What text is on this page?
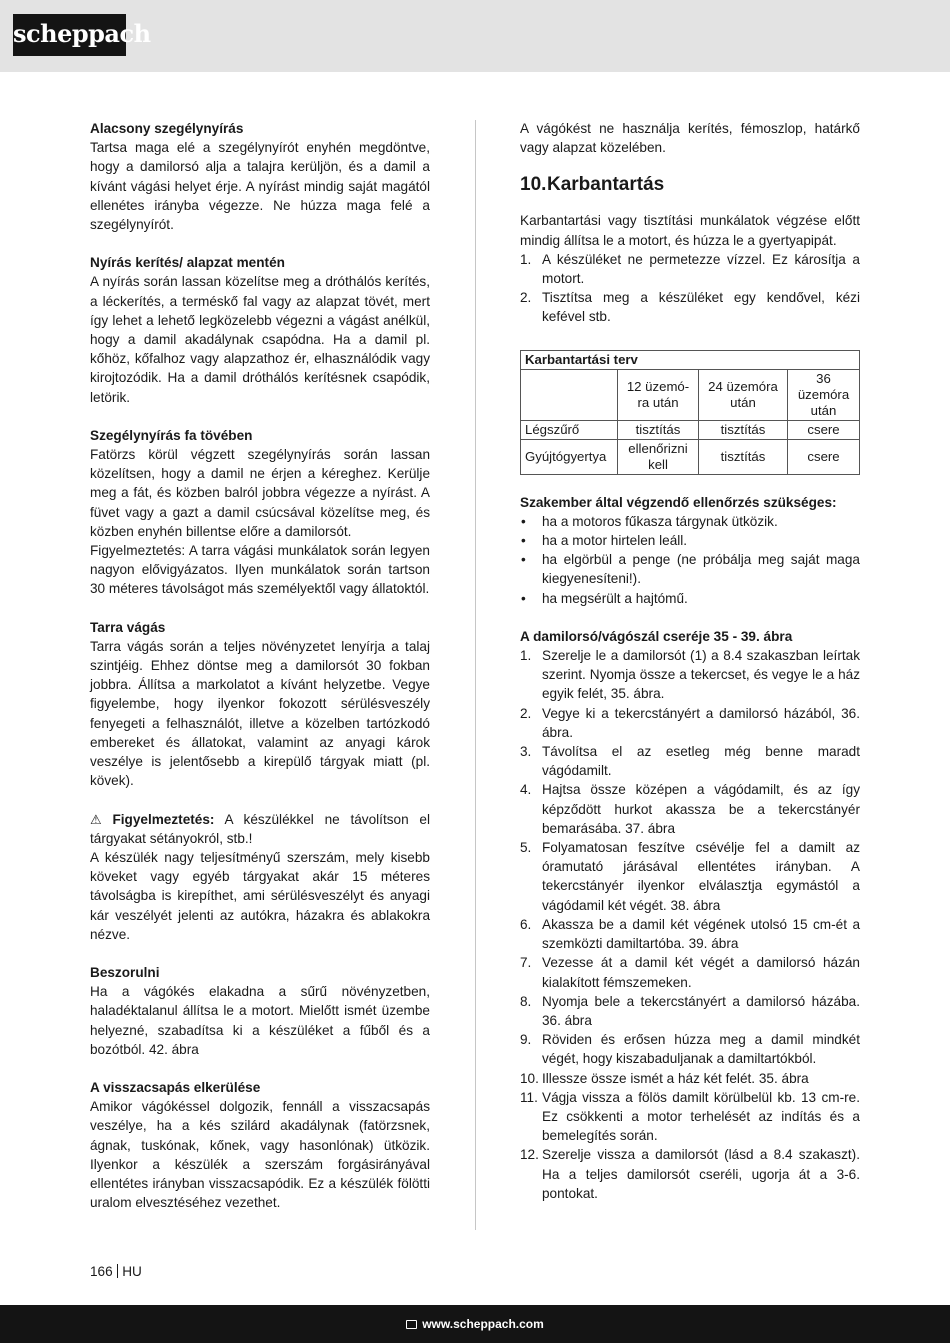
scheppach

Alacsony szegélynyírás

Tartsa maga elé a szegélynyírót enyhén megdöntve, hogy a damilorsó alja a talajra kerüljön, és a damil a kívánt vágási helyet érje. A nyírást mindig saját magától ellenétes irányba végezze. Ne húzza maga felé a szegélynyírót.

Nyírás kerítés/ alapzat mentén

A nyírás során lassan közelítse meg a dróthálós kerítés, a léckerítés, a terméskő fal vagy az alapzat tövét, mert így lehet a lehető legközelebb végezni a vágást anélkül, hogy a damil akadálynak csapódna. Ha a damil pl. kőhöz, kőfalhoz vagy alapzathoz ér, elhasználódik vagy kirojtozódik. Ha a damil dróthálós kerítésnek csapódik, letörik.

Szegélynyírás fa tövében

Fatörzs körül végzett szegélynyírás során lassan közelítsen, hogy a damil ne érjen a kéreghez. Kerülje meg a fát, és közben balról jobbra végezze a nyírást. A füvet vagy a gazt a damil csúcsával közelítse meg, és közben enyhén billentse előre a damilorsót.

Figyelmeztetés: A tarra vágási munkálatok során legyen nagyon elővigyázatos. Ilyen munkálatok során tartson 30 méteres távolságot más személyektől vagy állatoktól.

Tarra vágás

Tarra vágás során a teljes növényzetet lenyírja a talaj szintjéig. Ehhez döntse meg a damilorsót 30 fokban jobbra. Állítsa a markolatot a kívánt helyzetbe. Vegye figyelembe, hogy ilyenkor fokozott sérülésveszély fenyegeti a felhasználót, illetve a közelben tartózkodó embereket és állatokat, valamint az anyagi károk veszélye is jelentősebb a kirepülő tárgyak miatt (pl. kövek).

⚠ Figyelmeztetés: A készülékkel ne távolítson el tárgyakat sétányokról, stb.!

A készülék nagy teljesítményű szerszám, mely kisebb köveket vagy egyéb tárgyakat akár 15 méteres távolságba is kirepíthet, ami sérülésveszélyt és anyagi kár veszélyét jelenti az autókra, házakra és ablakokra nézve.

Beszorulni

Ha a vágókés elakadna a sűrű növényzetben, haladéktalanul állítsa le a motort. Mielőtt ismét üzembe helyezné, szabadítsa ki a készüléket a fűből és a bozótból. 42. ábra

A visszacsapás elkerülése

Amikor vágókéssel dolgozik, fennáll a visszacsapás veszélye, ha a kés szilárd akadálynak (fatörzsnek, ágnak, tuskónak, kőnek, vagy hasonlónak) ütközik. Ilyenkor a készülék a szerszám forgásirányával ellentétes irányban visszacsapódik. Ez a készülék fölötti uralom elvesztéséhez vezethet.

A vágókést ne használja kerítés, fémoszlop, határkő vagy alapzat közelében.

10.Karbantartás

Karbantartási vagy tisztítási munkálatok végzése előtt mindig állítsa le a motort, és húzza le a gyertyapipát.

1. A készüléket ne permetezze vízzel. Ez károsítja a motort.
2. Tisztítsa meg a készüléket egy kendővel, kézi kefével stb.
Karbantartási terv			
	12 üzemó-ra után	24 üzemóra után	36 üzemóra után
Légszűrő	tisztítás	tisztítás	csere
Gyújtógyertya	ellenőrizni kell	tisztítás	csere

Szakember által végzendő ellenőrzés szükséges:

• ha a motoros fűkasza tárgynak ütközik.
• ha a motor hirtelen leáll.
• ha elgörbül a penge (ne próbálja meg saját maga kiegyenesíteni!).
• ha megsérült a hajtómű.

A damilorsó/vágószál cseréje 35 - 39. ábra

1. Szerelje le a damilorsót (1) a 8.4 szakaszban leírtak szerint. Nyomja össze a tekercset, és vegye le a ház egyik felét, 35. ábra.
2. Vegye ki a tekercstányért a damilorsó házából, 36. ábra.
3. Távolítsa el az esetleg még benne maradt vágódamilt.
4. Hajtsa össze középen a vágódamilt, és az így képződött hurkot akassza be a tekercstányér bemarásába. 37. ábra
5. Folyamatosan feszítve csévélje fel a damilt az óramutató járásával ellentétes irányban. A tekercstányér ilyenkor elválasztja egymástól a vágódamil két végét. 38. ábra
6. Akassza be a damil két végének utolsó 15 cm-ét a szemközti damiltartóba. 39. ábra
7. Vezesse át a damil két végét a damilorsó házán kialakított fémszemeken.
8. Nyomja bele a tekercstányért a damilorsó házába. 36. ábra
9. Röviden és erősen húzza meg a damil mindkét végét, hogy kiszabaduljanak a damiltartókból.
10. Illessze össze ismét a ház két felét. 35. ábra
11. Vágja vissza a fölös damilt körülbelül kb. 13 cm-re. Ez csökkenti a motor terhelését az indítás és a bemelegítés során.
12. Szerelje vissza a damilorsót (lásd a 8.4 szakaszt). Ha a teljes damilorsót cseréli, ugorja át a 3-6. pontokat.
166 HU
www.scheppach.com
